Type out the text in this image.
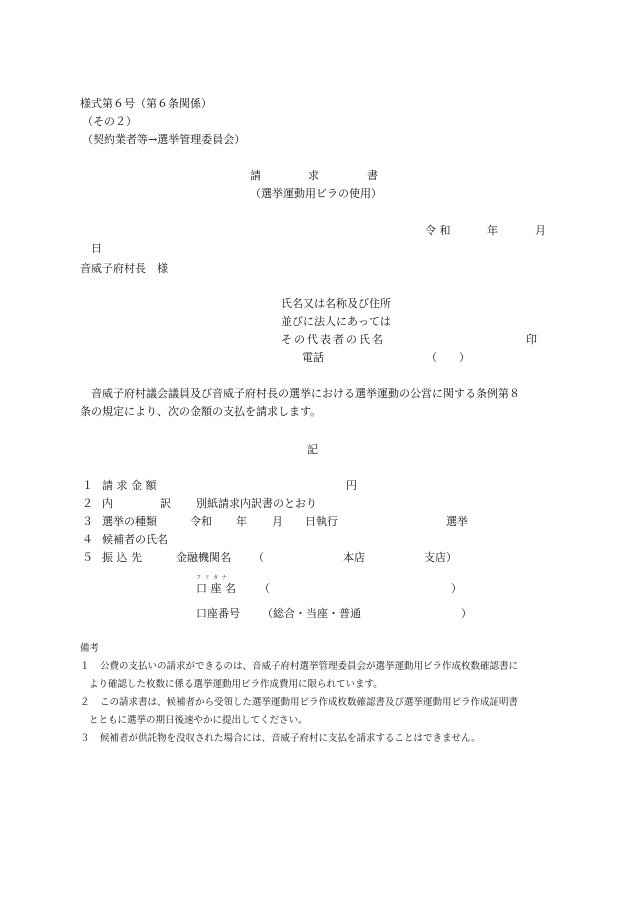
様式第６号（第６条関係）
（その２）
（契約業者等→選挙管理委員会）
請	求	書
（選挙運動用ビラの使用）
令 和	年	月
日
音威子府村長　様
氏名又は名称及び住所
並びに法人にあっては
その代表者の氏名	印
電話	（　　）
音威子府村議会議員及び音威子府村長の選挙における選挙運動の公営に関する条例第８
条の規定により、次の金額の支払を請求します。
記
１ 請 求 金 額	円
２ 内	訳 別紙請求内訳書のとおり
３ 選挙の種類	令和 年 月 日執行	選挙
４ 候補者の氏名
５ 振 込 先	金融機関名 （	本店	支店）
フ リ ガ ナ
口 座 名 （	）
口座番号 （総合・当座・普通	）
備考
１ 公費の支払いの請求ができるのは、音威子府村選挙管理委員会が選挙運動用ビラ作成枚数確認書に
より確認した枚数に係る選挙運動用ビラ作成費用に限られています。
２ この請求書は、候補者から受領した選挙運動用ビラ作成枚数確認書及び選挙運動用ビラ作成証明書
とともに選挙の期日後速やかに提出してください。
３ 候補者が供託物を没収された場合には、音威子府村に支払を請求することはできません。
